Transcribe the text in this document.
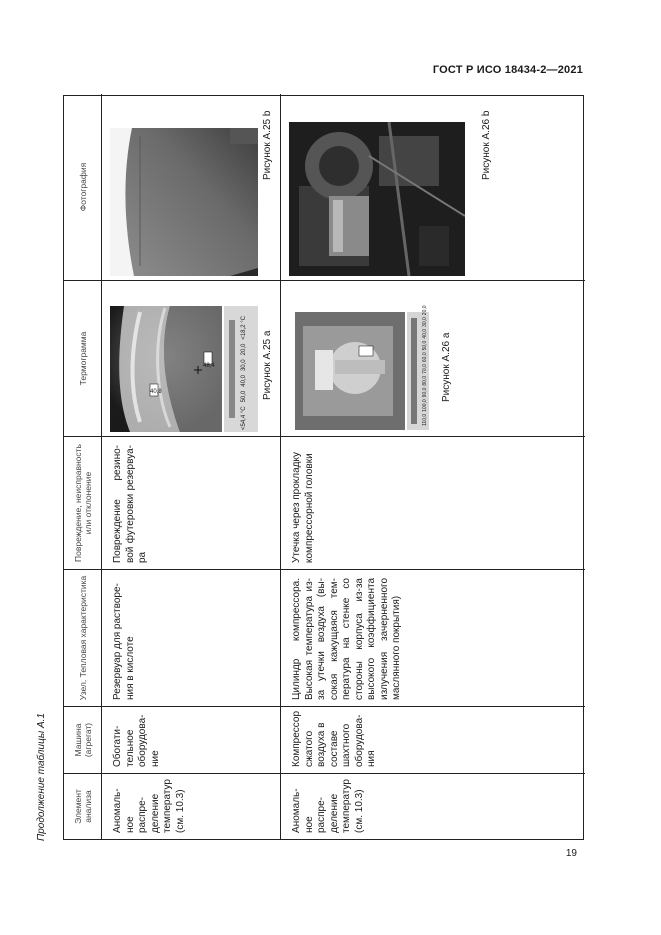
ГОСТ Р ИСО 18434-2—2021
Продолжение таблицы А.1	Элемент анализа
Машина (агрегат)
Узел. Тепловая характеристика
Повреждение, неисправность или отклонение
Термограмма
Фотография
Аномаль-ное распре-деление температур (см. 10.3)
Обогати-тельное оборудова-ние
Резервуар для растворе-ния в кислоте
Повреждение резино-вой футеровки резервуа-ра
48,4
40,8
<54,4 °C
50,0
40,0
30,0
20,0
<18,2 °C
Рисунок А.25 a
Рисунок А.25 b
Аномаль-ное распре-деление температур (см. 10.3)
Компрессор сжатого воздуха в составе шахтного оборудова-ния
Цилиндр компрессора. Высокая температура из-за утечки воздуха (вы-сокая кажущаяся тем-пература на стенке со стороны корпуса из-за высокого коэффициента излучения зачерненного маслянного покрытия)
Утечка через прокладку компрессорной головки
110,0
100,0
90,0
80,0
70,0
60,0
50,0
40,0
30,0
20,0
Рисунок А.26 a
Рисунок А.26 b
19
